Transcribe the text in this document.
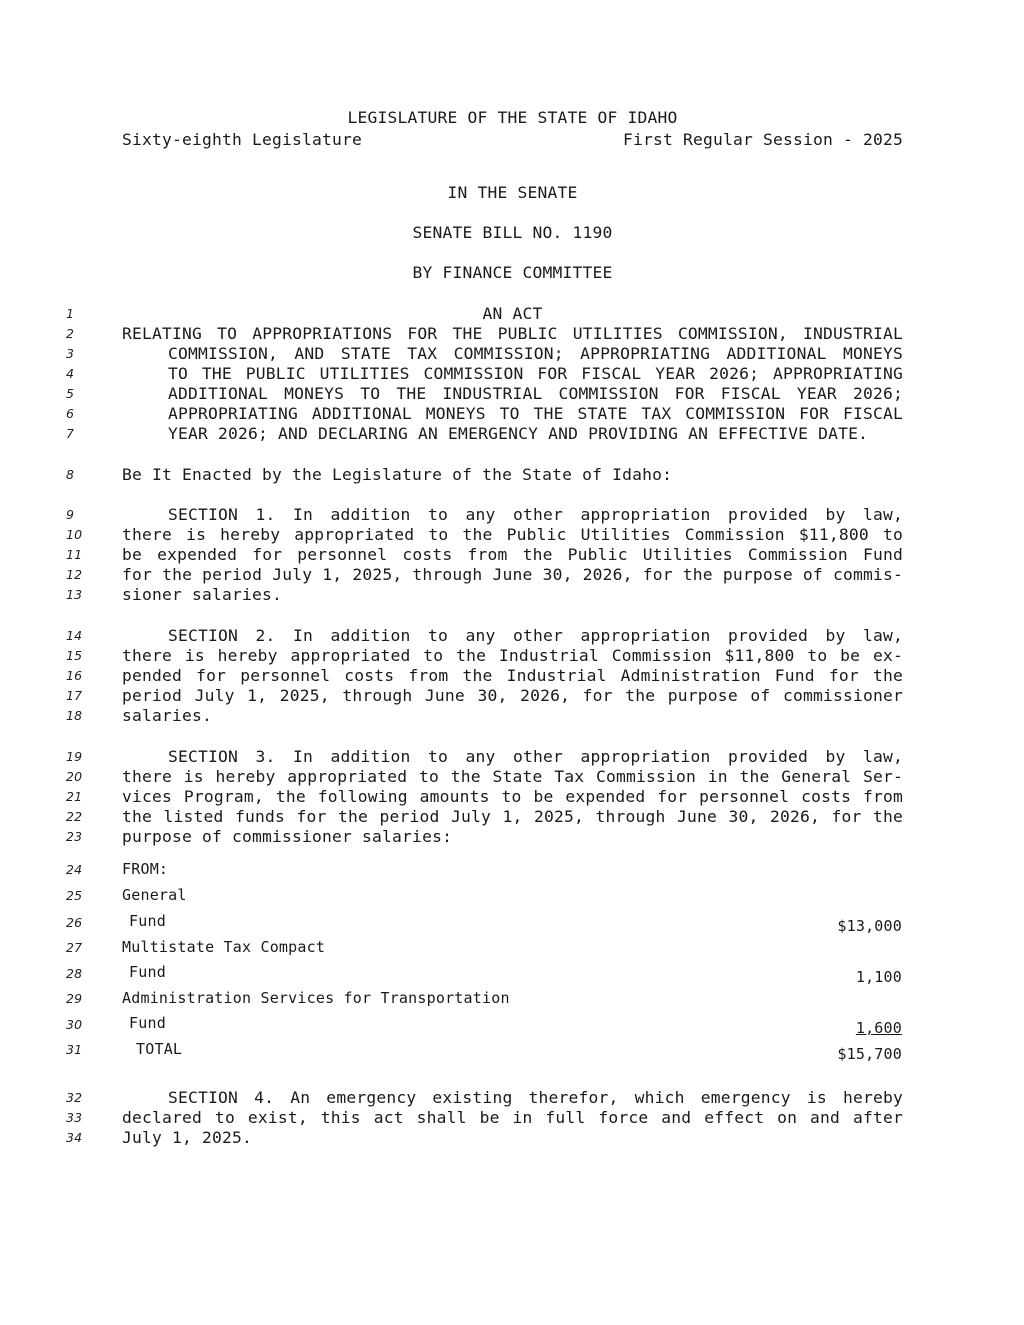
LEGISLATURE OF THE STATE OF IDAHO
Sixty-eighth Legislature	First Regular Session - 2025
IN THE SENATE
SENATE BILL NO. 1190
BY FINANCE COMMITTEE
1
2
3
4
5
6
7
8
9
10
11
12
13
14
15
16
17
18
19
20
21
22
23
24
25
26
27
28
29
30
31
32
33
34
AN ACT
RELATING TO APPROPRIATIONS FOR THE PUBLIC UTILITIES COMMISSION, INDUSTRIAL
COMMISSION, AND STATE TAX COMMISSION; APPROPRIATING ADDITIONAL MONEYS
TO THE PUBLIC UTILITIES COMMISSION FOR FISCAL YEAR 2026; APPROPRIATING
ADDITIONAL MONEYS TO THE INDUSTRIAL COMMISSION FOR FISCAL YEAR 2026;
APPROPRIATING ADDITIONAL MONEYS TO THE STATE TAX COMMISSION FOR FISCAL
YEAR 2026; AND DECLARING AN EMERGENCY AND PROVIDING AN EFFECTIVE DATE.
Be It Enacted by the Legislature of the State of Idaho:
SECTION 1. In addition to any other appropriation provided by law,
there is hereby appropriated to the Public Utilities Commission $11,800 to
be expended for personnel costs from the Public Utilities Commission Fund
for the period July 1, 2025, through June 30, 2026, for the purpose of commis-
sioner salaries.
SECTION 2. In addition to any other appropriation provided by law,
there is hereby appropriated to the Industrial Commission $11,800 to be ex-
pended for personnel costs from the Industrial Administration Fund for the
period July 1, 2025, through June 30, 2026, for the purpose of commissioner
salaries.
SECTION 3. In addition to any other appropriation provided by law,
there is hereby appropriated to the State Tax Commission in the General Ser-
vices Program, the following amounts to be expended for personnel costs from
the listed funds for the period July 1, 2025, through June 30, 2026, for the
purpose of commissioner salaries:
FROM:
General
Fund	$13,000
Multistate Tax Compact
Fund	1,100
Administration Services for Transportation
Fund	1,600
TOTAL	$15,700
SECTION 4. An emergency existing therefor, which emergency is hereby
declared to exist, this act shall be in full force and effect on and after
July 1, 2025.
